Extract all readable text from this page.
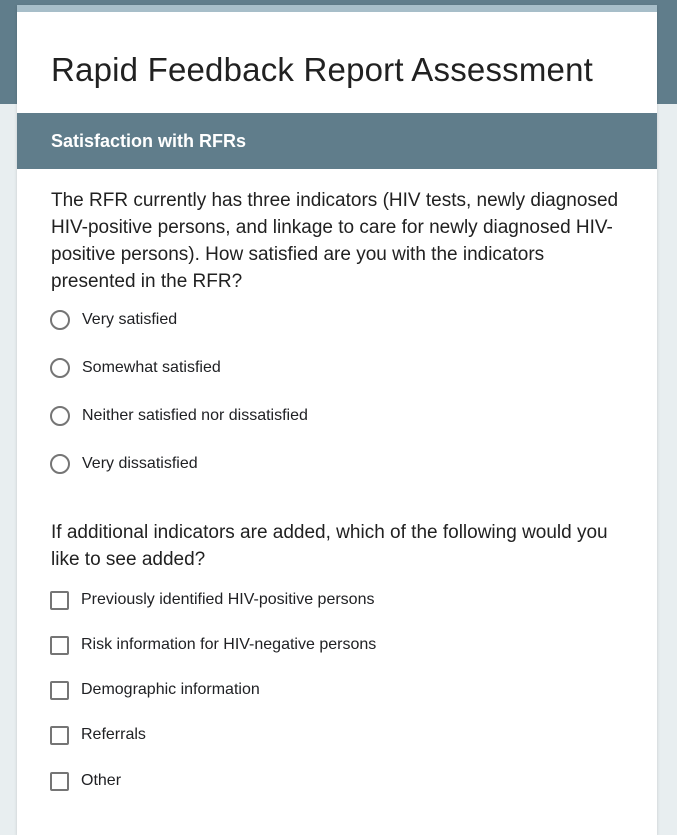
Rapid Feedback Report Assessment
Satisfaction with RFRs

The RFR currently has three indicators (HIV tests, newly diagnosed HIV-positive persons, and linkage to care for newly diagnosed HIV-positive persons). How satisfied are you with the indicators presented in the RFR?

Very satisfied
Somewhat satisfied
Neither satisfied nor dissatisfied
Very dissatisfied

If additional indicators are added, which of the following would you like to see added?

Previously identified HIV-positive persons
Risk information for HIV-negative persons
Demographic information
Referrals
Other
